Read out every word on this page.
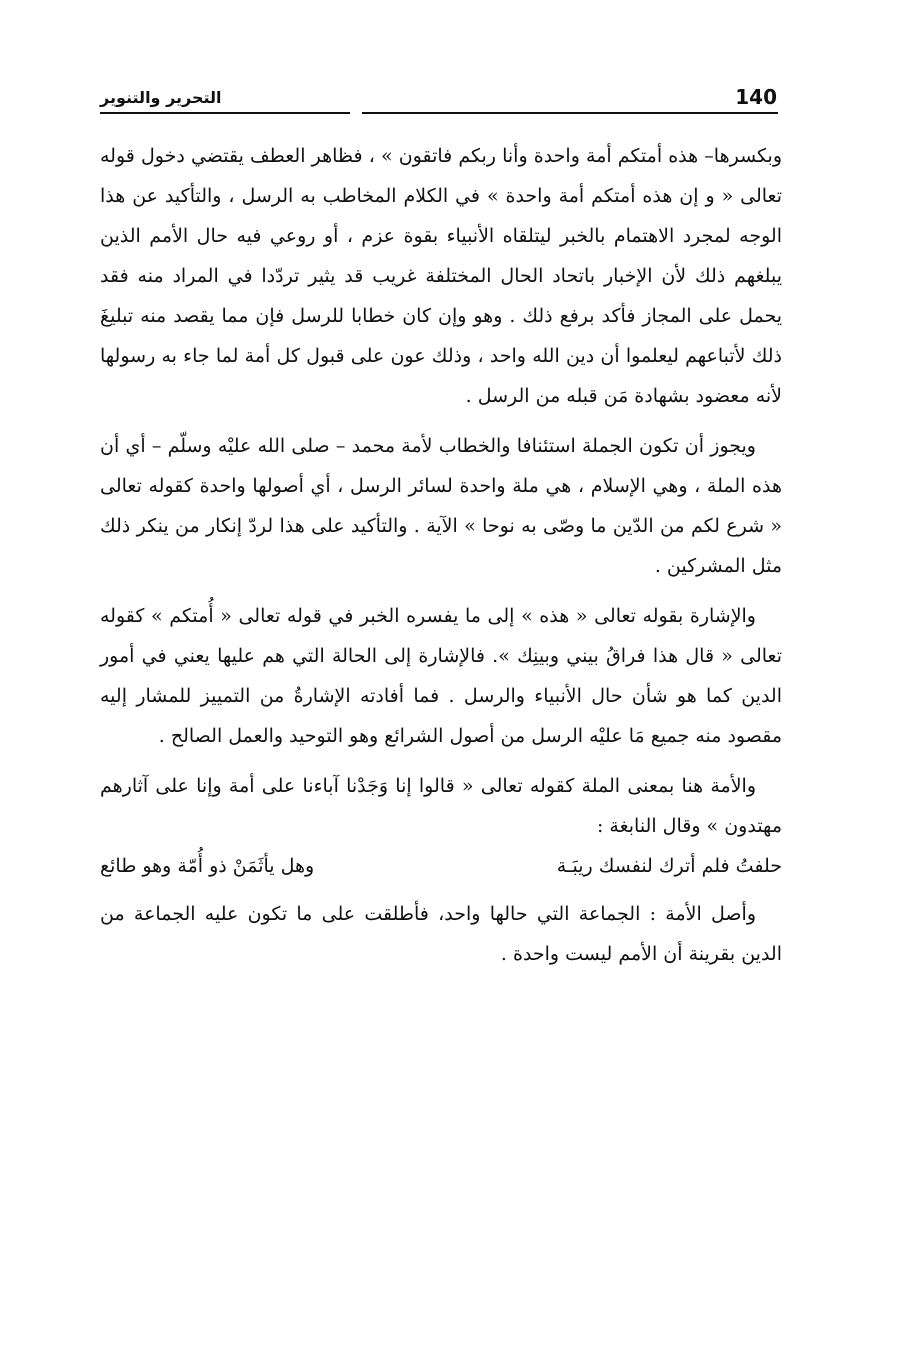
140
التحرير والتنوير

وبكسرها– هذه أمتكم أمة واحدة وأنا ربكم فاتقون » ، فظاهر العطف يقتضي دخول قوله تعالى « و إن هذه أمتكم أمة واحدة » في الكلام المخاطب به الرسل ، والتأكيد عن هذا الوجه لمجرد الاهتمام بالخبر ليتلقاه الأنبياء بقوة عزم ، أو روعي فيه حال الأمم الذين يبلغهم ذلك لأن الإخبار باتحاد الحال المختلفة غريب قد يثير تردّدا في المراد منه فقد يحمل على المجاز فأكد برفع ذلك . وهو وإن كان خطابا للرسل فإن مما يقصد منه تبليغَ ذلك لأتباعهم ليعلموا أن دين الله واحد ، وذلك عون على قبول كل أمة لما جاء به رسولها لأنه معضود بشهادة مَن قبله من الرسل .

ويجوز أن تكون الجملة استئنافا والخطاب لأمة محمد – صلى الله عليْه وسلّم – أي أن هذه الملة ، وهي الإسلام ، هي ملة واحدة لسائر الرسل ، أي أصولها واحدة كقوله تعالى « شرع لكم من الدّين ما وصّى به نوحا » الآية . والتأكيد على هذا لردّ إنكار من ينكر ذلك مثل المشركين .

والإشارة بقوله تعالى « هذه » إلى ما يفسره الخبر في قوله تعالى « أُمتكم » كقوله تعالى « قال هذا فراقُ بيني وبينِك ». فالإشارة إلى الحالة التي هم عليها يعني في أمور الدين كما هو شأن حال الأنبياء والرسل . فما أفادته الإشارةُ من التمييز للمشار إليه مقصود منه جميع مَا عليْه الرسل من أصول الشرائع وهو التوحيد والعمل الصالح .

والأمة هنا بمعنى الملة كقوله تعالى « قالوا إنا وَجَدْنا آباءنا على أمة وإنا على آثارهم مهتدون » وقال النابغة :

حلفتُ فلم أترك لنفسك ريبَـة
وهل يأثَمَنْ ذو أُمّة وهو طائع

وأصل الأمة : الجماعة التي حالها واحد، فأطلقت على ما تكون عليه الجماعة من الدين بقرينة أن الأمم ليست واحدة .
